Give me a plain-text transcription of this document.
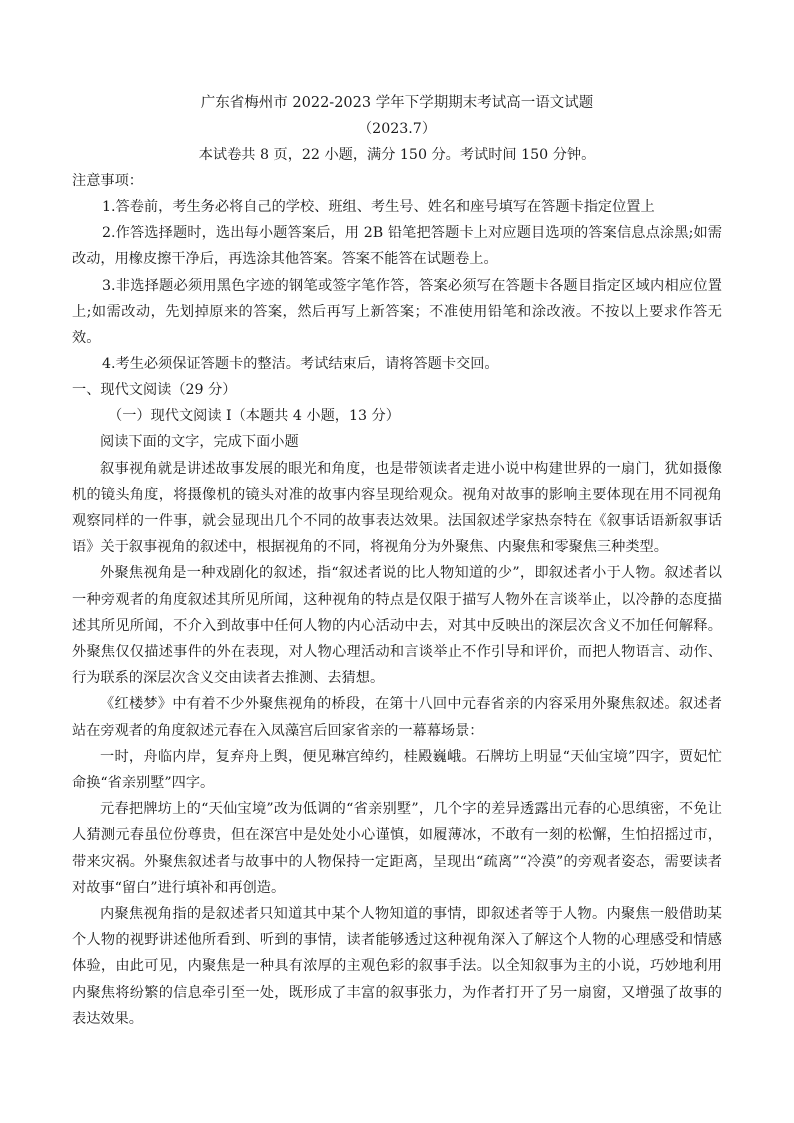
广东省梅州市 2022-2023 学年下学期期末考试高一语文试题
（2023.7）
本试卷共 8 页，22 小题，满分 150 分。考试时间 150 分钟。
注意事项：

1.答卷前，考生务必将自己的学校、班组、考生号、姓名和座号填写在答题卡指定位置上

2.作答选择题时，选出每小题答案后，用 2B 铅笔把答题卡上对应题目选项的答案信息点涂黑;如需改动，用橡皮擦干净后，再选涂其他答案。答案不能答在试题卷上。

3.非选择题必须用黑色字迹的钢笔或签字笔作答，答案必须写在答题卡各题目指定区域内相应位置上;如需改动，先划掉原来的答案，然后再写上新答案；不准使用铅笔和涂改液。不按以上要求作答无效。

4.考生必须保证答题卡的整洁。考试结束后，请将答题卡交回。

一、现代文阅读（29 分）
（一）现代文阅读 I（本题共 4 小题，13 分）

阅读下面的文字，完成下面小题

叙事视角就是讲述故事发展的眼光和角度，也是带领读者走进小说中构建世界的一扇门，犹如摄像机的镜头角度，将摄像机的镜头对准的故事内容呈现给观众。视角对故事的影响主要体现在用不同视角观察同样的一件事，就会显现出几个不同的故事表达效果。法国叙述学家热奈特在《叙事话语新叙事话语》关于叙事视角的叙述中，根据视角的不同，将视角分为外聚焦、内聚焦和零聚焦三种类型。

外聚焦视角是一种戏剧化的叙述，指“叙述者说的比人物知道的少”，即叙述者小于人物。叙述者以一种旁观者的角度叙述其所见所闻，这种视角的特点是仅限于描写人物外在言谈举止，以冷静的态度描述其所见所闻，不介入到故事中任何人物的内心活动中去，对其中反映出的深层次含义不加任何解释。外聚焦仅仅描述事件的外在表现，对人物心理活动和言谈举止不作引导和评价，而把人物语言、动作、行为联系的深层次含义交由读者去推测、去猜想。

《红楼梦》中有着不少外聚焦视角的桥段，在第十八回中元春省亲的内容采用外聚焦叙述。叙述者站在旁观者的角度叙述元春在入凤藻宫后回家省亲的一幕幕场景：

一时，舟临内岸，复弃舟上舆，便见琳宫绰约，桂殿巍峨。石牌坊上明显“天仙宝境”四字，贾妃忙命换“省亲别墅”四字。

元春把牌坊上的“天仙宝境”改为低调的“省亲别墅”，几个字的差异透露出元春的心思缜密，不免让人猜测元春虽位份尊贵，但在深宫中是处处小心谨慎，如履薄冰，不敢有一刻的松懈，生怕招摇过市，带来灾祸。外聚焦叙述者与故事中的人物保持一定距离，呈现出“疏离”“冷漠”的旁观者姿态，需要读者对故事“留白”进行填补和再创造。

内聚焦视角指的是叙述者只知道其中某个人物知道的事情，即叙述者等于人物。内聚焦一般借助某个人物的视野讲述他所看到、听到的事情，读者能够透过这种视角深入了解这个人物的心理感受和情感体验，由此可见，内聚焦是一种具有浓厚的主观色彩的叙事手法。以全知叙事为主的小说，巧妙地利用内聚焦将纷繁的信息牵引至一处，既形成了丰富的叙事张力，为作者打开了另一扇窗，又增强了故事的表达效果。
